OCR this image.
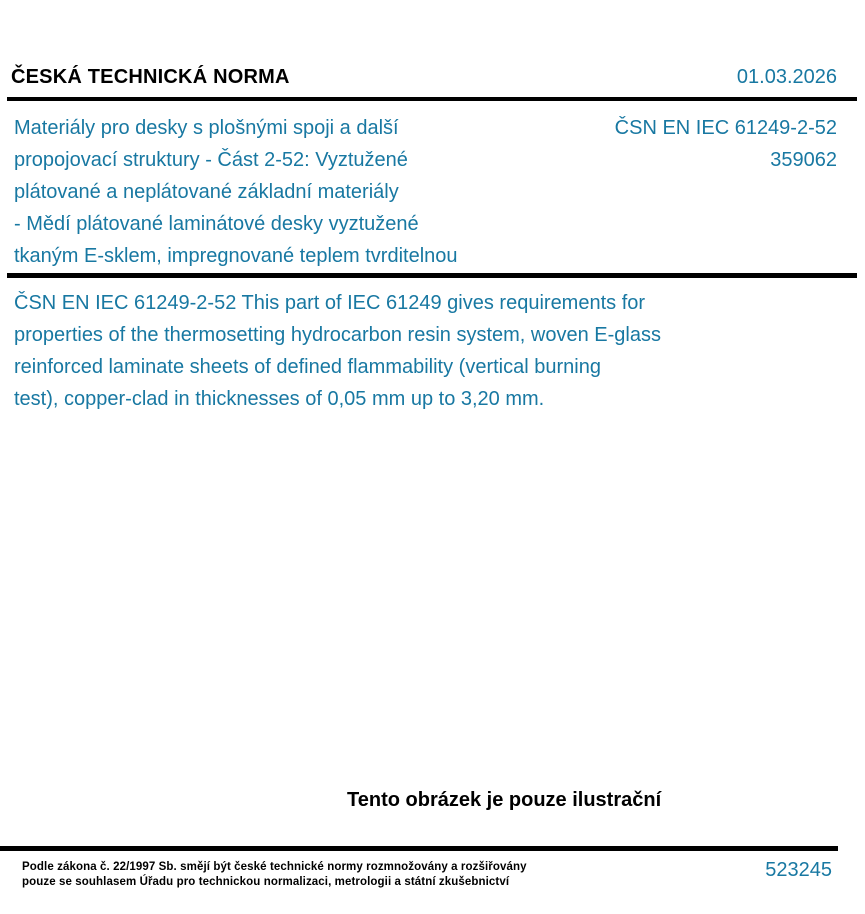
ČESKÁ TECHNICKÁ NORMA	01.03.2026
Materiály pro desky s plošnými spoji a další
propojovací struktury - Část 2-52: Vyztužené
plátované a neplátované základní materiály
- Mědí plátované laminátové desky vyztužené
tkaným E-sklem, impregnované teplem tvrditelnou
ČSN EN IEC 61249-2-52
359062
ČSN EN IEC 61249-2-52 This part of IEC 61249 gives requirements for
properties of the thermosetting hydrocarbon resin system, woven E-glass
reinforced laminate sheets of defined flammability (vertical burning
test), copper-clad in thicknesses of 0,05 mm up to 3,20 mm.
Tento obrázek je pouze ilustrační
Podle zákona č. 22/1997 Sb. smějí být české technické normy rozmnožovány a rozšiřovány
pouze se souhlasem Úřadu pro technickou normalizaci, metrologii a státní zkušebnictví
523245
